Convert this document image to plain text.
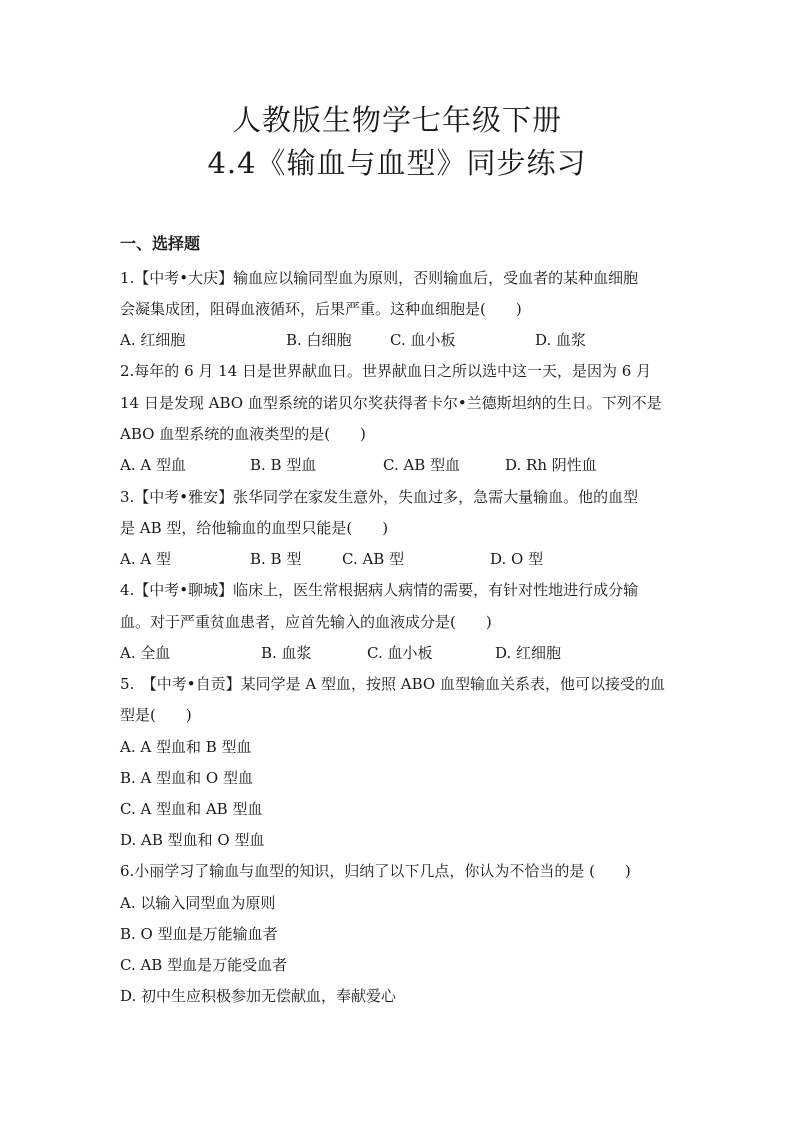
人教版生物学七年级下册
4.4《输血与血型》同步练习
一、选择题
1.【中考•大庆】输血应以输同型血为原则，否则输血后，受血者的某种血细胞
会凝集成团，阻碍血液循环，后果严重。这种血细胞是(　　)
A. 红细胞	B. 白细胞	C. 血小板	D. 血浆
2.每年的 6 月 14 日是世界献血日。世界献血日之所以选中这一天，是因为 6 月
14 日是发现 ABO 血型系统的诺贝尔奖获得者卡尔•兰德斯坦纳的生日。下列不是
ABO 血型系统的血液类型的是(　　)
A. A 型血	B. B 型血	C. AB 型血	D. Rh 阴性血
3.【中考•雅安】张华同学在家发生意外，失血过多，急需大量输血。他的血型
是 AB 型，给他输血的血型只能是(　　)
A. A 型	B. B 型	C. AB 型	D. O 型
4.【中考•聊城】临床上，医生常根据病人病情的需要，有针对性地进行成分输
血。对于严重贫血患者，应首先输入的血液成分是(　　)
A. 全血	B. 血浆	C. 血小板	D. 红细胞
5.　【中考•自贡】某同学是 A 型血，按照 ABO 血型输血关系表，他可以接受的血
型是(　　)
A. A 型血和 B 型血
B. A 型血和 O 型血
C. A 型血和 AB 型血
D. AB 型血和 O 型血
6.小丽学习了输血与血型的知识，归纳了以下几点，你认为不恰当的是 (　　)
A. 以输入同型血为原则
B. O 型血是万能输血者
C. AB 型血是万能受血者
D. 初中生应积极参加无偿献血，奉献爱心
